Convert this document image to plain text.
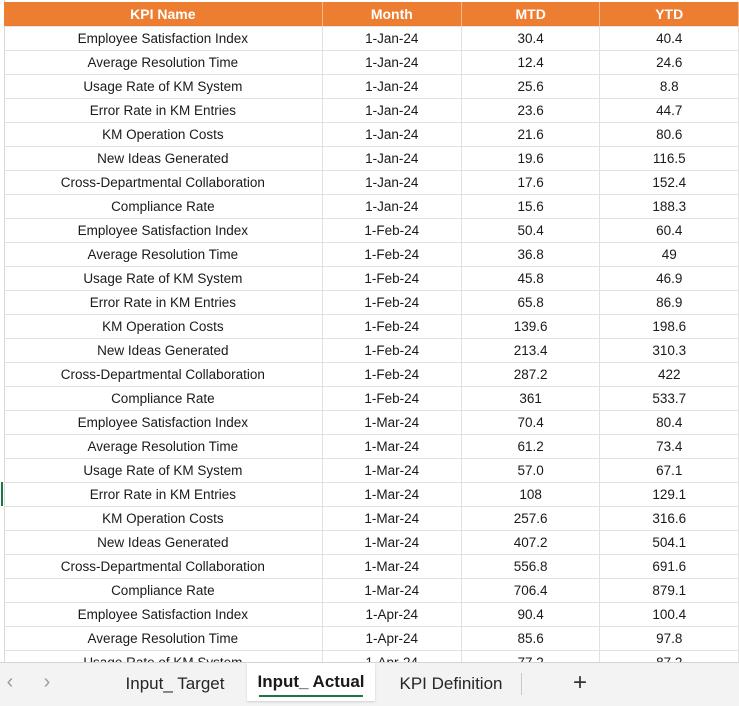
KPI Name	Month	MTD	YTD
Employee Satisfaction Index	1-Jan-24	30.4	40.4
Average Resolution Time	1-Jan-24	12.4	24.6
Usage Rate of KM System	1-Jan-24	25.6	8.8
Error Rate in KM Entries	1-Jan-24	23.6	44.7
KM Operation Costs	1-Jan-24	21.6	80.6
New Ideas Generated	1-Jan-24	19.6	116.5
Cross-Departmental Collaboration	1-Jan-24	17.6	152.4
Compliance Rate	1-Jan-24	15.6	188.3
Employee Satisfaction Index	1-Feb-24	50.4	60.4
Average Resolution Time	1-Feb-24	36.8	49
Usage Rate of KM System	1-Feb-24	45.8	46.9
Error Rate in KM Entries	1-Feb-24	65.8	86.9
KM Operation Costs	1-Feb-24	139.6	198.6
New Ideas Generated	1-Feb-24	213.4	310.3
Cross-Departmental Collaboration	1-Feb-24	287.2	422
Compliance Rate	1-Feb-24	361	533.7
Employee Satisfaction Index	1-Mar-24	70.4	80.4
Average Resolution Time	1-Mar-24	61.2	73.4
Usage Rate of KM System	1-Mar-24	57.0	67.1
Error Rate in KM Entries	1-Mar-24	108	129.1
KM Operation Costs	1-Mar-24	257.6	316.6
New Ideas Generated	1-Mar-24	407.2	504.1
Cross-Departmental Collaboration	1-Mar-24	556.8	691.6
Compliance Rate	1-Mar-24	706.4	879.1
Employee Satisfaction Index	1-Apr-24	90.4	100.4
Average Resolution Time	1-Apr-24	85.6	97.8

‹	›	Input_ Target	Input_ Actual	KPI Definition	+
